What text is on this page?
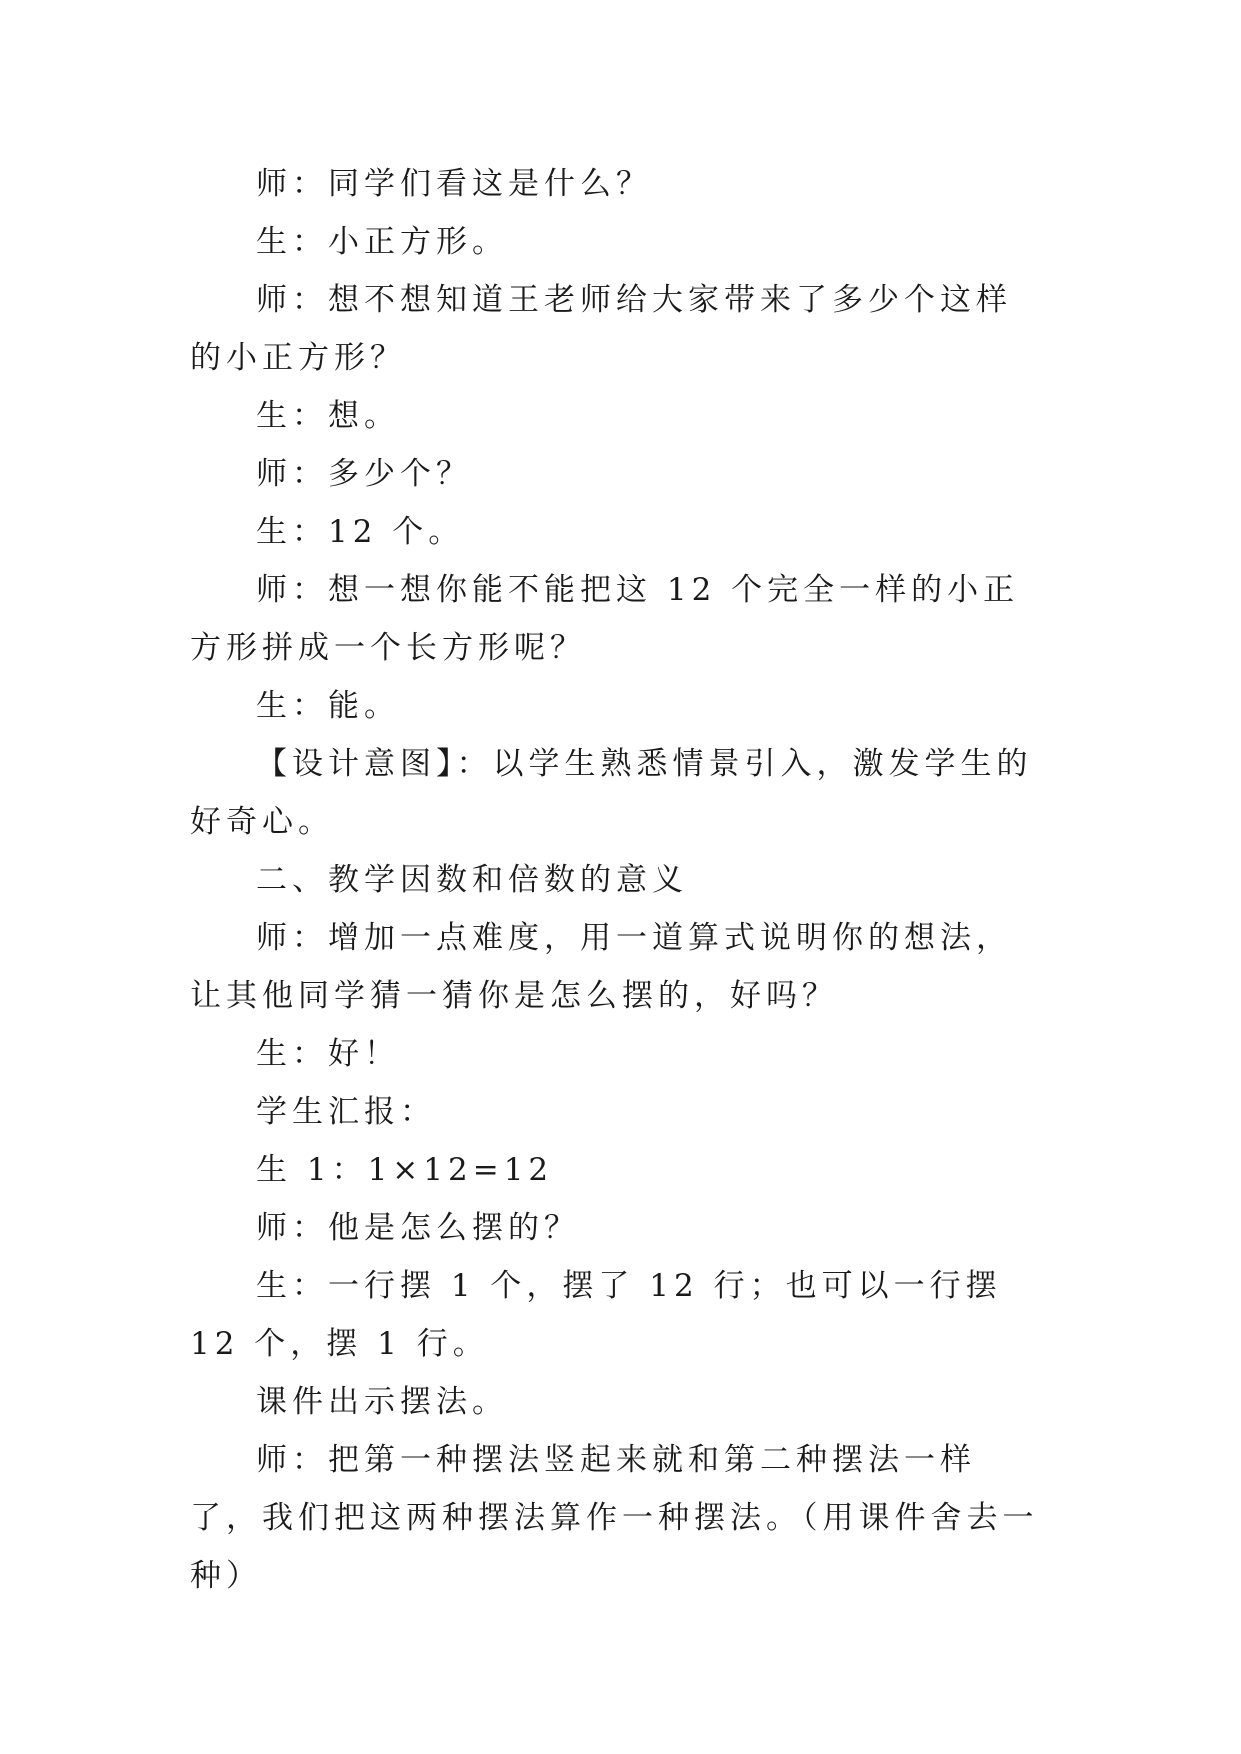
师：同学们看这是什么？

生：小正方形。

师：想不想知道王老师给大家带来了多少个这样的小正方形？

生：想。

师：多少个？

生：12 个。

师：想一想你能不能把这 12 个完全一样的小正方形拼成一个长方形呢？

生：能。

【设计意图】：以学生熟悉情景引入，激发学生的好奇心。

二、教学因数和倍数的意义

师：增加一点难度，用一道算式说明你的想法，让其他同学猜一猜你是怎么摆的，好吗？

生：好！

学生汇报：

生 1：1×12=12

师：他是怎么摆的？

生：一行摆 1 个，摆了 12 行；也可以一行摆 12 个，摆 1 行。

课件出示摆法。

师：把第一种摆法竖起来就和第二种摆法一样了，我们把这两种摆法算作一种摆法。（用课件舍去一种）
